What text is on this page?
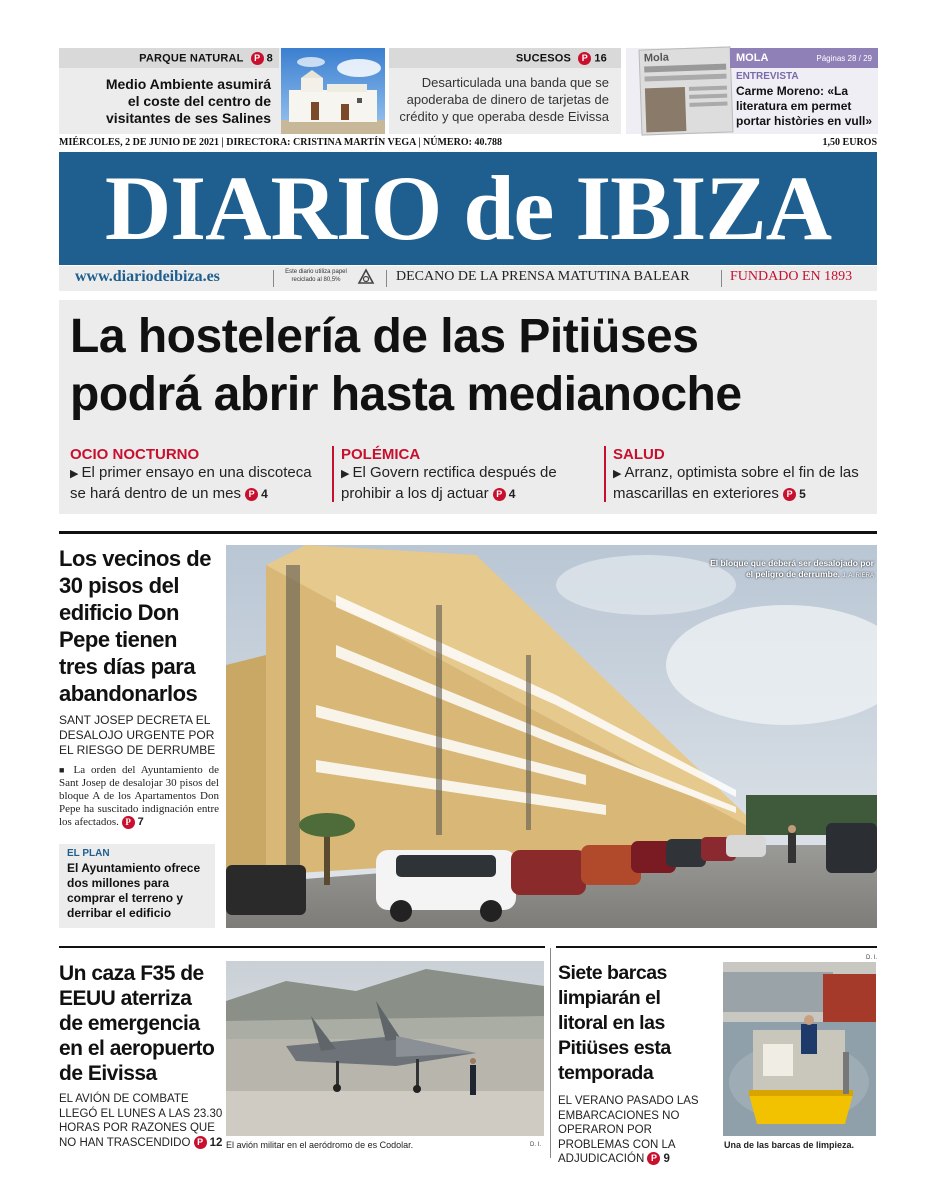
PARQUE NATURAL P 8
Medio Ambiente asumirá el coste del centro de visitantes de ses Salines
SUCESOS P 16
Desarticulada una banda que se apoderaba de dinero de tarjetas de crédito y que operaba desde Eivissa
Mola	MOLA	Páginas 28 / 29
ENTREVISTA
Carme Moreno: «La literatura em permet portar històries en vull»
MIÉRCOLES, 2 DE JUNIO DE 2021 | DIRECTORA: CRISTINA MARTÍN VEGA | NÚMERO: 40.788	1,50 EUROS
DIARIO de IBIZA
www.diariodeibiza.es	Este diario utiliza papel reciclado al 80,5%	DECANO DE LA PRENSA MATUTINA BALEAR	FUNDADO EN 1893
La hostelería de las Pitiüses
podrá abrir hasta medianoche
OCIO NOCTURNO
▶ El primer ensayo en una discoteca se hará dentro de un mes P 4
POLÉMICA
▶ El Govern rectifica después de prohibir a los dj actuar P 4
SALUD
▶ Arranz, optimista sobre el fin de las mascarillas en exteriores P 5
Los vecinos de 30 pisos del edificio Don Pepe tienen tres días para abandonarlos
SANT JOSEP DECRETA EL DESALOJO URGENTE POR EL RIESGO DE DERRUMBE
■ La orden del Ayuntamiento de Sant Josep de desalojar 30 pisos del bloque A de los Apartamentos Don Pepe ha suscitado indignación entre los afectados. P 7
EL PLAN
El Ayuntamiento ofrece dos millones para comprar el terreno y derribar el edificio
El bloque que deberá ser desalojado por el peligro de derrumbe. J. A. RIERA
Un caza F35 de EEUU aterriza de emergencia en el aeropuerto de Eivissa
EL AVIÓN DE COMBATE LLEGÓ EL LUNES A LAS 23.30 HORAS POR RAZONES QUE NO HAN TRASCENDIDO P 12 El avión militar en el aeródromo de es Codolar.	D. I.
Siete barcas limpiarán el litoral en las Pitiüses esta temporada
EL VERANO PASADO LAS EMBARCACIONES NO OPERARON POR PROBLEMAS CON LA ADJUDICACIÓN P 9
D. I.
Una de las barcas de limpieza.
